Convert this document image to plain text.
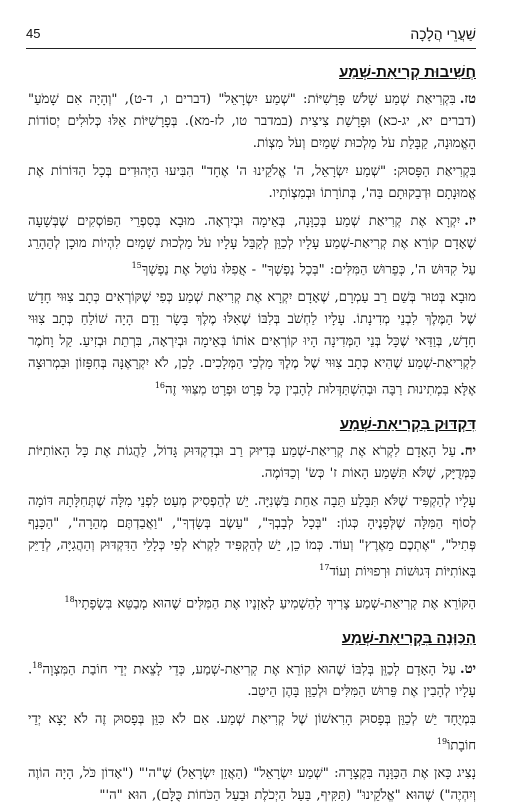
45	שַׁעֲרֵי הֲלָכָה
חֲשִׁיבוּת קְרִיאַת-שְׁמַע

טז.בִּקְרִיאַת שְׁמַע שָׁלֹשׁ פָּרָשִׁיּוֹת: "שְׁמַע יִשְׂרָאֵל" (דברים ו, ד-ט), "וְהָיָה אִם שָׁמֹעַ" (דברים יא, יג-כא) וּפָרָשַׁת צִיצִית (במדבר טו, לז-מא). בְּפָרָשִׁיּוֹת אֵלּוּ כְּלוּלִים יְסוֹדוֹת הָאֱמוּנָה, קַבָּלַת עֹל מַלְכוּת שָׁמַיִם וְעֹל מִצְוֹת.

בִּקְרִיאַת הַפָּסוּק: "שְׁמַע יִשְׂרָאֵל, ה' אֱלֹקֵינוּ ה' אֶחָד" הִבִּיעוּ הַיְּהוּדִים בְּכָל הַדּוֹרוֹת אֶת אֱמוּנָתָם וּדְבֵקוּתָם בַּה', בְּתוֹרָתוֹ וּבְמִצְוֹתָיו.

יז.יִקְרָא אֶת קְרִיאַת שְׁמַע בְּכַוָּנָה, בְּאֵימָה וּבְיִרְאָה. מוּבָא בְּסִפְרֵי הַפּוֹסְקִים שֶׁבְּשָׁעָה שֶׁאָדָם קוֹרֵא אֶת קְרִיאַת-שְׁמַע עָלָיו לְכַוֵּן לְקַבֵּל עָלָיו עֹל מַלְכוּת שָׁמַיִם לִהְיוֹת מוּכָן לְהֵהָרֵג עַל קִדּוּשׁ ה', כְּפֵרוּשׁ הַמִּלִּים: "בְּכָל נַפְשְׁךָ" - אֲפִלּוּ נוֹטֵל אֶת נַפְשְׁךָ$^{15}$

מוּבָא בְּטוּר בְּשֵׁם רַב עַמְרָם, שֶׁאָדָם יִקְרָא אֶת קְרִיאַת שְׁמַע כְּפִי שֶׁקּוֹרְאִים כְּתָב צִוּוּי חָדָשׁ שֶׁל הַמֶּלֶךְ לִבְנֵי מְדִינָתוֹ. עָלָיו לַחְשֹׁב בְּלִבּוֹ שֶׁאִלּוּ מֶלֶךְ בָּשָׂר וָדָם הָיָה שׁוֹלֵחַ כְּתָב צִוּוּי חָדָשׁ, בְּוַדַּאי שֶׁכָּל בְּנֵי הַמְּדִינָה הָיוּ קוֹרְאִים אוֹתוֹ בְּאֵימָה וּבְיִרְאָה, בִּרְתֵת וּבְזִיעַ. קַל וָחֹמֶר לִקְרִיאַת-שְׁמַע שֶׁהִיא כְּתָב צִוּוּי שֶׁל מֶלֶךְ מַלְכֵי הַמְּלָכִים. לָכֵן, לֹא יִקְרָאֶנָּה בְּחִפָּזוֹן וּבִמְרוּצָה אֶלָּא בִּמְתִינוּת רַבָּה וּבְהִשְׁתַּדְּלוּת לְהָבִין כָּל פְּרָט וּפְרָט מִצִּוּוּי זֶה$^{16}$

דִּקְדּוּק בִּקְרִיאַת-שְׁמַע

יח.עַל הָאָדָם לִקְרֹא אֶת קְרִיאַת-שְׁמַע בְּדִיּוּק רַב וּבְדִקְדּוּק גָּדוֹל, לַהֲגוֹת אֶת כָּל הָאוֹתִיּוֹת כַּמְּדֻיָּק, שֶׁלֹּא תִּשָּׁמַע הָאוֹת ז' כְּשׂ' וְכַדּוֹמֶה.

עָלָיו לְהַקְפִּיד שֶׁלֹּא תִּבָּלַע תֵּבָה אַחַת בַּשְּׁנִיָּה. יֵשׁ לְהַפְסִיק מְעַט לִפְנֵי מִלָּה שֶׁתְּחִלָּתָהּ דּוֹמָה לְסוֹף הַמִּלָּה שֶׁלְּפָנֶיהָ כְּגוֹן: "בְּכָל לְבָבְךָ", "עֵשֶׂב בְּשָׂדְךָ", "וַאֲבַדְתֶּם מְהֵרָה", "הַכָּנָף פְּתִיל", "אֶתְכֶם מֵאֶרֶץ" וְעוֹד. כְּמוֹ כֵן, יֵשׁ לְהַקְפִּיד לִקְרֹא לְפִי כְּלָלֵי הַדִּקְדּוּק וְהַהֲגִיָּה, לְדַיֵּק בְּאוֹתִיּוֹת דְּגוּשׁוֹת וּרְפוּיוֹת וְעוֹד$^{17}$

הַקּוֹרֵא אֶת קְרִיאַת-שְׁמַע צָרִיךְ לְהַשְׁמִיעַ לְאָזְנָיו אֶת הַמִּלִּים שֶׁהוּא מְבַטֵּא בִּשְׂפָתָיו$^{18}$

הַכַּוָּנָה בִּקְרִיאַת-שְׁמַע

יט.עַל הָאָדָם לְכַוֵּן בְּלִבּוֹ שֶׁהוּא קוֹרֵא אֶת קְרִיאַת-שְׁמַע, כְּדֵי לָצֵאת יְדֵי חוֹבַת הַמִּצְוָה$^{18}$. עָלָיו לְהָבִין אֶת פֵּרוּשׁ הַמִּלִּים וּלְכַוֵּן בָּהֶן הֵיטֵב.

בִּמְיֻחָד יֵשׁ לְכַוֵּן בְּפָסוּק הָרִאשׁוֹן שֶׁל קְרִיאַת שְׁמַע. אִם לֹא כִּוֵּן בְּפָסוּק זֶה לֹא יָצָא יְדֵי חוֹבָתוֹ$^{19}$

נָצִיג כָּאן אֶת הַכַּוָּנָה בִּקְצָרָה: "שְׁמַע יִשְׂרָאֵל" (הַאֲזֵן יִשְׂרָאֵל) שֶׁ"ה'" ("אָדוֹן כֹּל, הָיָה הוֹוֶה וְיִהְיֶה") שֶׁהוּא "אֱלֹקֵינוּ" (תַּקִּיף, בַּעַל הַיְכֹלֶת וּבַעַל הַכֹּחוֹת כֻּלָּם), הוּא "ה'"
